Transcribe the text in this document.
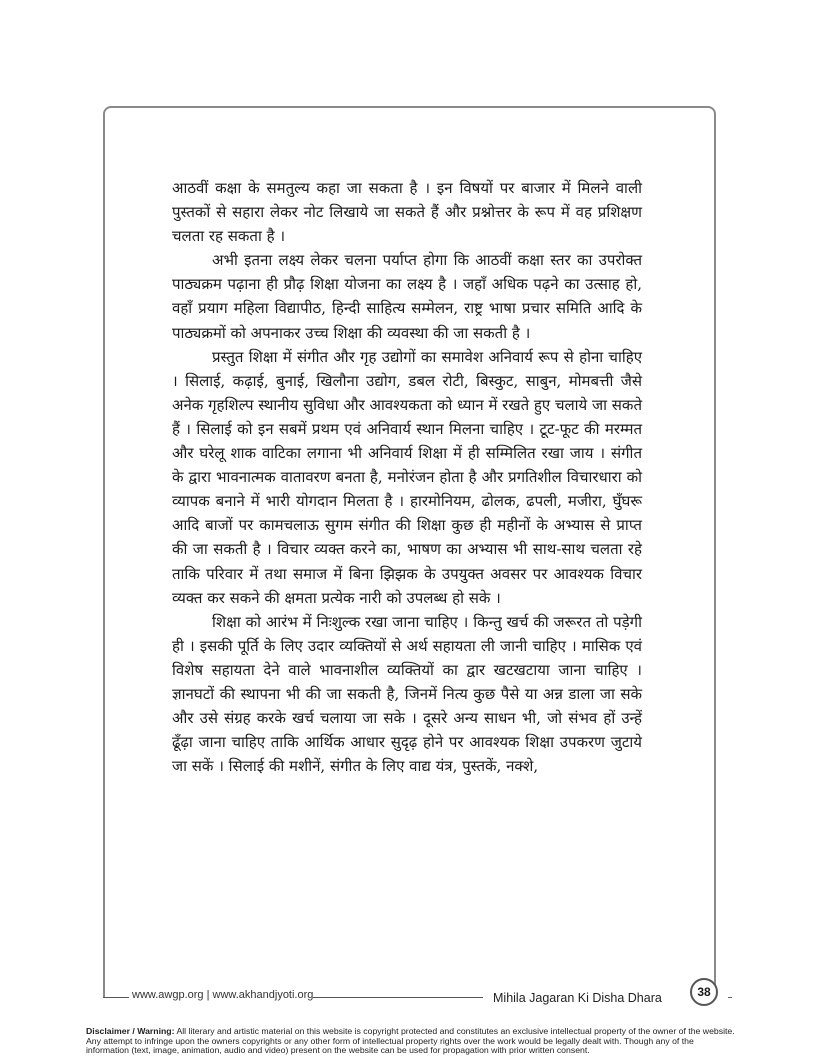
आठवीं कक्षा के समतुल्य कहा जा सकता है । इन विषयों पर बाजार में मिलने वाली पुस्तकों से सहारा लेकर नोट लिखाये जा सकते हैं और प्रश्नोत्तर के रूप में वह प्रशिक्षण चलता रह सकता है ।

अभी इतना लक्ष्य लेकर चलना पर्याप्त होगा कि आठवीं कक्षा स्तर का उपरोक्त पाठ्यक्रम पढ़ाना ही प्रौढ़ शिक्षा योजना का लक्ष्य है । जहाँ अधिक पढ़ने का उत्साह हो, वहाँ प्रयाग महिला विद्यापीठ, हिन्दी साहित्य सम्मेलन, राष्ट्र भाषा प्रचार समिति आदि के पाठ्यक्रमों को अपनाकर उच्च शिक्षा की व्यवस्था की जा सकती है ।

प्रस्तुत शिक्षा में संगीत और गृह उद्योगों का समावेश अनिवार्य रूप से होना चाहिए । सिलाई, कढ़ाई, बुनाई, खिलौना उद्योग, डबल रोटी, बिस्कुट, साबुन, मोमबत्ती जैसे अनेक गृहशिल्प स्थानीय सुविधा और आवश्यकता को ध्यान में रखते हुए चलाये जा सकते हैं । सिलाई को इन सबमें प्रथम एवं अनिवार्य स्थान मिलना चाहिए । टूट-फूट की मरम्मत और घरेलू शाक वाटिका लगाना भी अनिवार्य शिक्षा में ही सम्मिलित रखा जाय । संगीत के द्वारा भावनात्मक वातावरण बनता है, मनोरंजन होता है और प्रगतिशील विचारधारा को व्यापक बनाने में भारी योगदान मिलता है । हारमोनियम, ढोलक, ढपली, मजीरा, घुँघरू आदि बाजों पर कामचलाऊ सुगम संगीत की शिक्षा कुछ ही महीनों के अभ्यास से प्राप्त की जा सकती है । विचार व्यक्त करने का, भाषण का अभ्यास भी साथ-साथ चलता रहे ताकि परिवार में तथा समाज में बिना झिझक के उपयुक्त अवसर पर आवश्यक विचार व्यक्त कर सकने की क्षमता प्रत्येक नारी को उपलब्ध हो सके ।

शिक्षा को आरंभ में निःशुल्क रखा जाना चाहिए । किन्तु खर्च की जरूरत तो पड़ेगी ही । इसकी पूर्ति के लिए उदार व्यक्तियों से अर्थ सहायता ली जानी चाहिए । मासिक एवं विशेष सहायता देने वाले भावनाशील व्यक्तियों का द्वार खटखटाया जाना चाहिए । ज्ञानघटों की स्थापना भी की जा सकती है, जिनमें नित्य कुछ पैसे या अन्न डाला जा सके और उसे संग्रह करके खर्च चलाया जा सके । दूसरे अन्य साधन भी, जो संभव हों उन्हें ढूँढ़ा जाना चाहिए ताकि आर्थिक आधार सुदृढ़ होने पर आवश्यक शिक्षा उपकरण जुटाये जा सकें । सिलाई की मशीनें, संगीत के लिए वाद्य यंत्र, पुस्तकें, नक्शे,

www.awgp.org | www.akhandjyoti.org	Mihila Jagaran Ki Disha Dhara	38
Disclaimer / Warning: All literary and artistic material on this website is copyright protected and constitutes an exclusive intellectual property of the owner of the website. Any attempt to infringe upon the owners copyrights or any other form of intellectual property rights over the work would be legally dealt with. Though any of the information (text, image, animation, audio and video) present on the website can be used for propagation with prior written consent.
